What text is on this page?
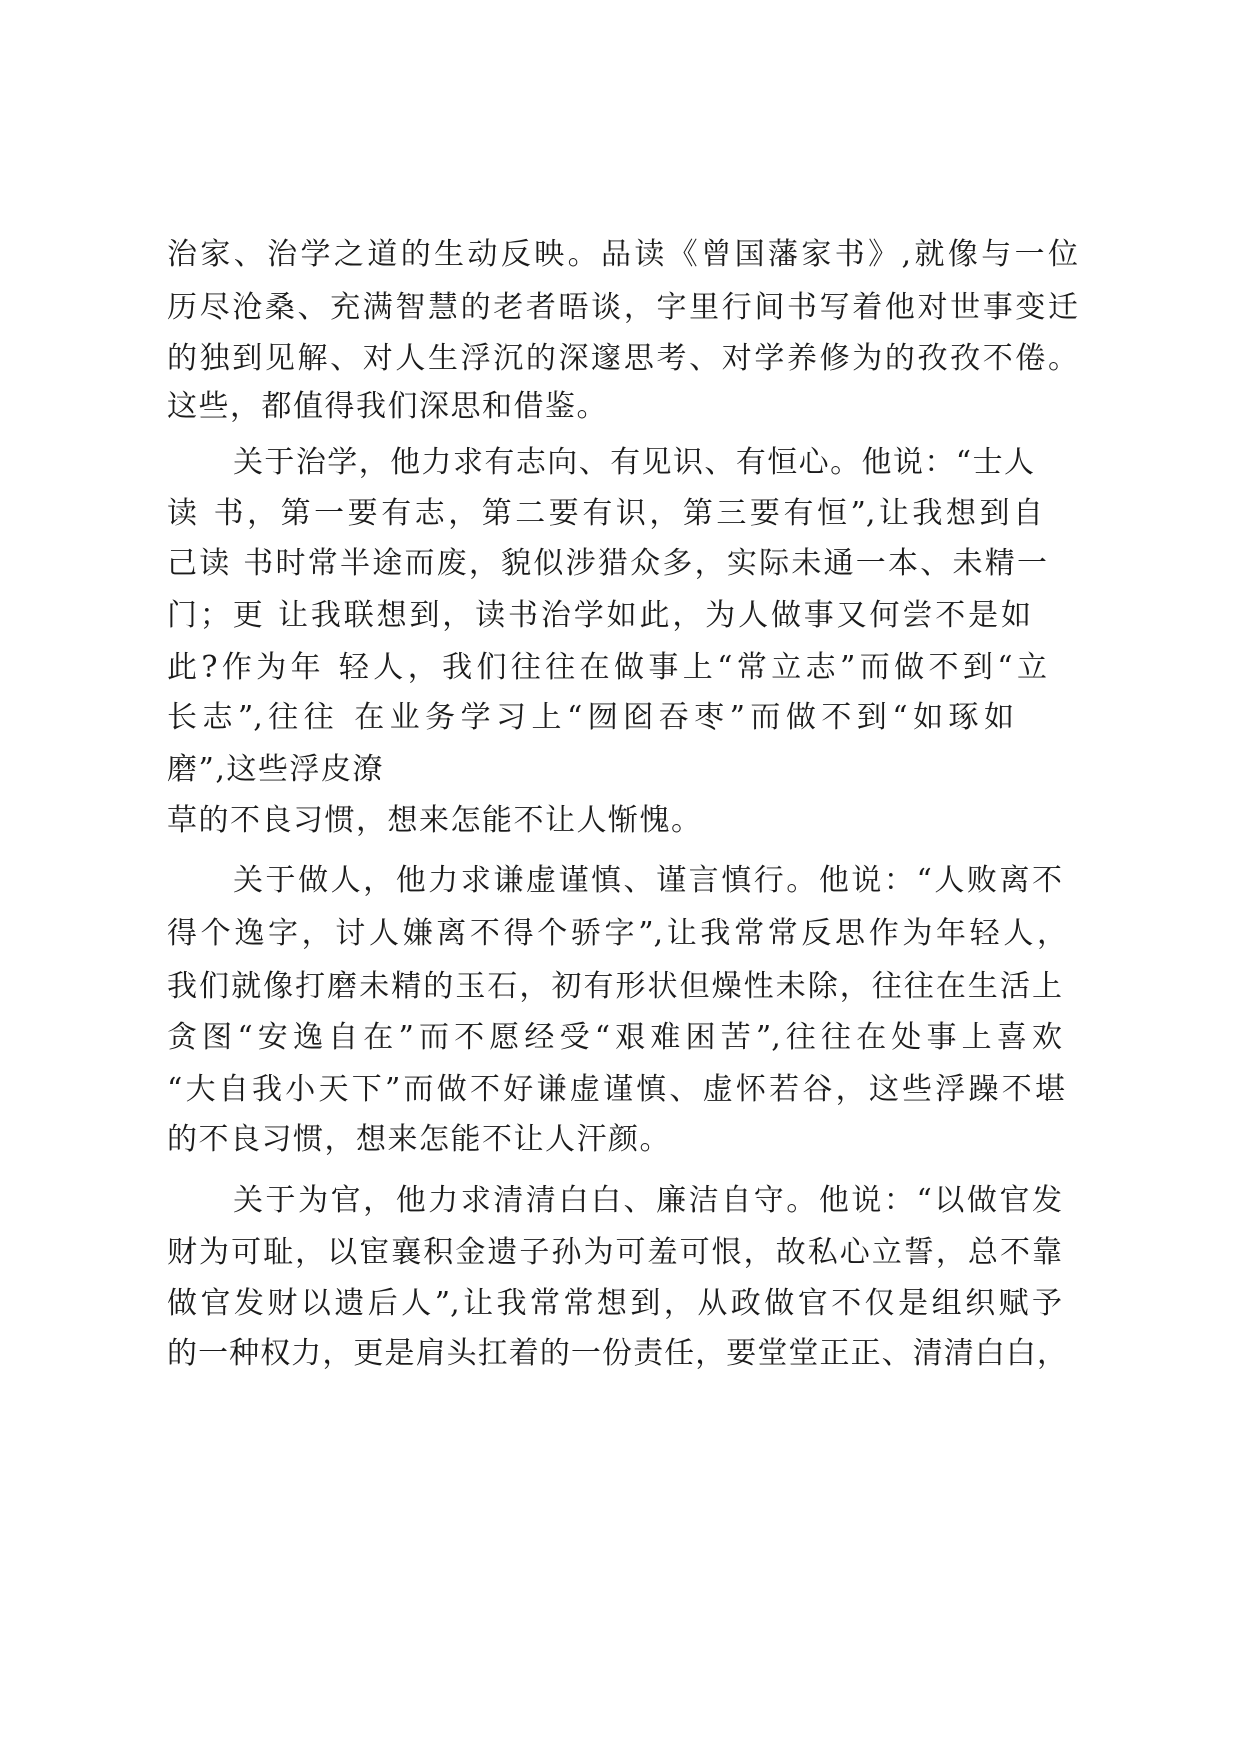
治家、治学之道的生动反映。品读《曾国藩家书》,就像与一位
历尽沧桑、充满智慧的老者晤谈，字里行间书写着他对世事变迁
的独到见解、对人生浮沉的深邃思考、对学养修为的孜孜不倦。
这些，都值得我们深思和借鉴。
关于治学，他力求有志向、有见识、有恒心。他说：“士人
读 书，第一要有志，第二要有识，第三要有恒”,让我想到自
己读 书时常半途而废，貌似涉猎众多，实际未通一本、未精一
门；更 让我联想到，读书治学如此，为人做事又何尝不是如
此?作为年 轻人，我们往往在做事上“常立志”而做不到“立
长志”,往往 在业务学习上“囫囵吞枣”而做不到“如琢如
磨”,这些浮皮潦
草的不良习惯，想来怎能不让人惭愧。
关于做人，他力求谦虚谨慎、谨言慎行。他说：“人败离不
得个逸字，讨人嫌离不得个骄字”,让我常常反思作为年轻人，
我们就像打磨未精的玉石，初有形状但燥性未除，往往在生活上
贪图“安逸自在”而不愿经受“艰难困苦”,往往在处事上喜欢
“大自我小天下”而做不好谦虚谨慎、虚怀若谷，这些浮躁不堪
的不良习惯，想来怎能不让人汗颜。
关于为官，他力求清清白白、廉洁自守。他说：“以做官发
财为可耻，以宦襄积金遗子孙为可羞可恨，故私心立誓，总不靠
做官发财以遗后人”,让我常常想到，从政做官不仅是组织赋予
的一种权力，更是肩头扛着的一份责任，要堂堂正正、清清白白，
